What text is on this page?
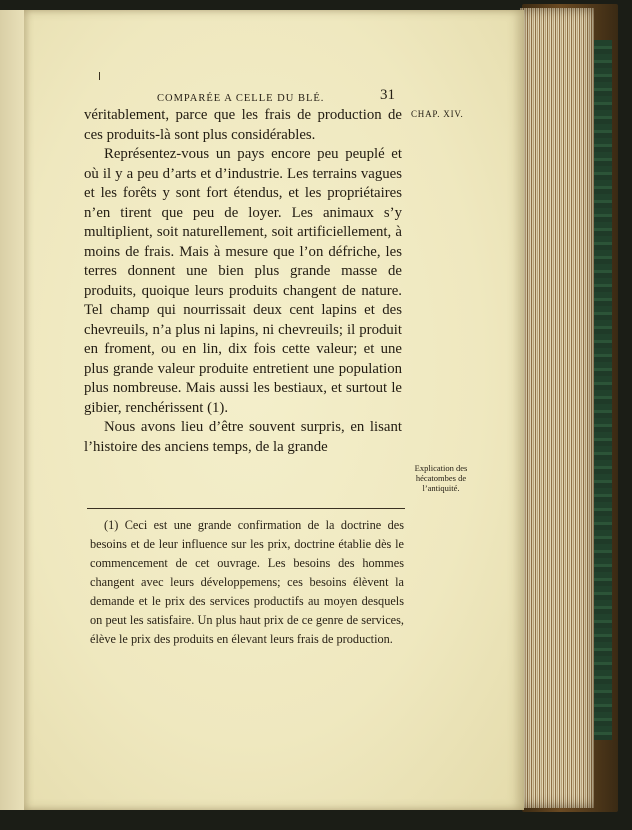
COMPARÉE A CELLE DU BLÉ.	31
CHAP. XIV.
Explication des hécatombes de l’antiquité.

véritablement, parce que les frais de production de ces produits-là sont plus considérables.

Représentez-vous un pays encore peu peuplé et où il y a peu d’arts et d’industrie. Les terrains vagues et les forêts y sont fort étendus, et les propriétaires n’en tirent que peu de loyer. Les animaux s’y multiplient, soit naturellement, soit artificiellement, à moins de frais. Mais à mesure que l’on défriche, les terres donnent une bien plus grande masse de produits, quoique leurs produits changent de nature. Tel champ qui nourrissait deux cent lapins et des chevreuils, n’a plus ni lapins, ni chevreuils; il produit en froment, ou en lin, dix fois cette valeur; et une plus grande valeur produite entretient une population plus nombreuse. Mais aussi les bestiaux, et surtout le gibier, renchérissent (1).

Nous avons lieu d’être souvent surpris, en lisant l’histoire des anciens temps, de la grande

(1) Ceci est une grande confirmation de la doctrine des besoins et de leur influence sur les prix, doctrine établie dès le commencement de cet ouvrage. Les besoins des hommes changent avec leurs développemens; ces besoins élèvent la demande et le prix des services productifs au moyen desquels on peut les satisfaire. Un plus haut prix de ce genre de services, élève le prix des produits en élevant leurs frais de production.
